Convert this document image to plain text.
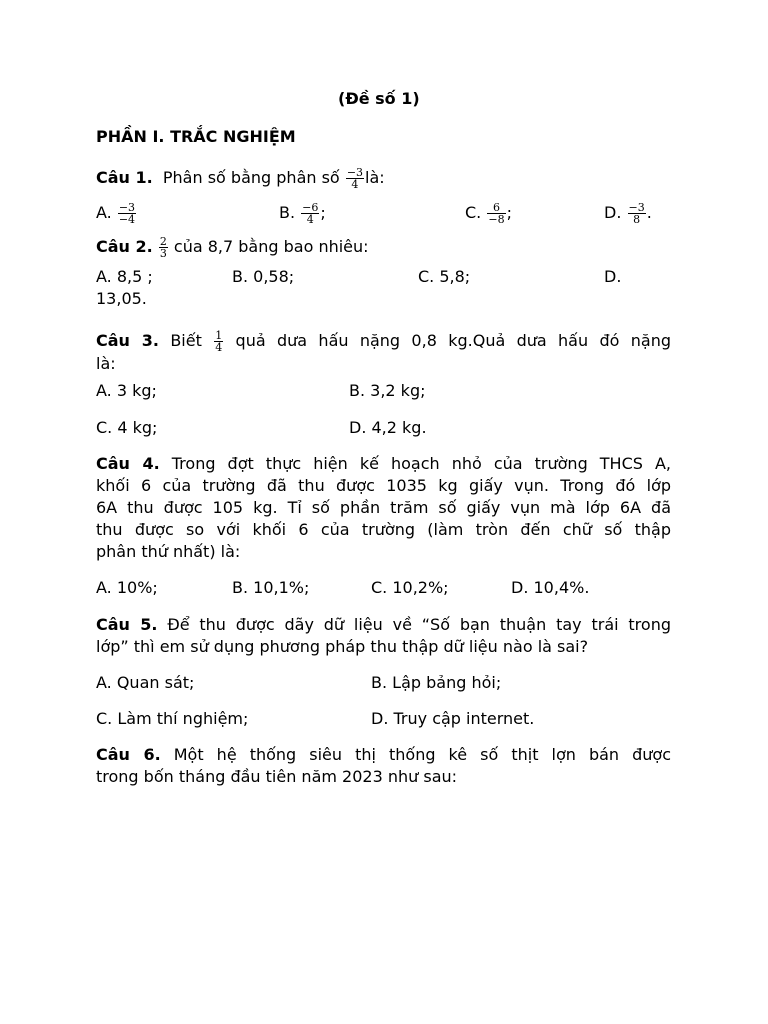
(Đề số 1)
PHẦN I. TRẮC NGHIỆM
Câu 1. Phân số bằng phân số $\frac{-3}{4}$ là:
A. $\frac{-3}{-4}$	B. $\frac{-6}{4}$ ;	C. $\frac{6}{-8}$ ;	D. $\frac{-3}{8}$ .
Câu 2. $\frac{2}{3}$ của 8,7 bằng bao nhiêu:
A. 8,5 ;	B. 0,58;	C. 5,8;	D.
13,05.
Câu 3. Biết $\frac{1}{4}$ quả dưa hấu nặng 0,8 kg.Quả dưa hấu đó nặng
là:
A. 3 kg;	B. 3,2 kg;
C. 4 kg;	D. 4,2 kg.
Câu 4. Trong đợt thực hiện kế hoạch nhỏ của trường THCS A,
khối 6 của trường đã thu được 1035 kg giấy vụn. Trong đó lớp
6A thu được 105 kg. Tỉ số phần trăm số giấy vụn mà lớp 6A đã
thu được so với khối 6 của trường (làm tròn đến chữ số thập
phân thứ nhất) là:
A. 10%;	B. 10,1%;	C. 10,2%;	D. 10,4%.
Câu 5. Để thu được dãy dữ liệu về “Số bạn thuận tay trái trong
lớp” thì em sử dụng phương pháp thu thập dữ liệu nào là sai?
A. Quan sát;	B. Lập bảng hỏi;
C. Làm thí nghiệm;	D. Truy cập internet.
Câu 6. Một hệ thống siêu thị thống kê số thịt lợn bán được
trong bốn tháng đầu tiên năm 2023 như sau:
